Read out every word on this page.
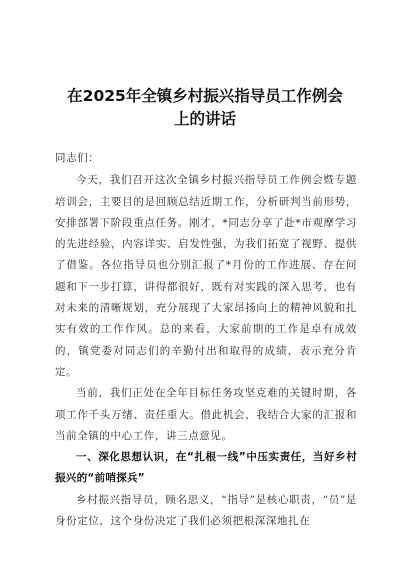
在2025年全镇乡村振兴指导员工作例会
上的讲话

同志们：

今天，我们召开这次全镇乡村振兴指导员工作例会暨专题培训会，主要目的是回顾总结近期工作，分析研判当前形势，安排部署下阶段重点任务。刚才，*同志分享了赴*市观摩学习的先进经验，内容详实、启发性强，为我们拓宽了视野、提供了借鉴。各位指导员也分别汇报了*月份的工作进展、存在问题和下一步打算，讲得都很好，既有对实践的深入思考，也有对未来的清晰规划，充分展现了大家昂扬向上的精神风貌和扎实有效的工作作风。总的来看，大家前期的工作是卓有成效的，镇党委对同志们的辛勤付出和取得的成绩，表示充分肯定。

当前，我们正处在全年目标任务攻坚克难的关键时期，各项工作千头万绪、责任重大。借此机会，我结合大家的汇报和当前全镇的中心工作，讲三点意见。

一、深化思想认识，在“扎根一线”中压实责任，当好乡村振兴的“前哨探兵”

乡村振兴指导员，顾名思义，“指导”是核心职责，“员”是身份定位，这个身份决定了我们必须把根深深地扎在
